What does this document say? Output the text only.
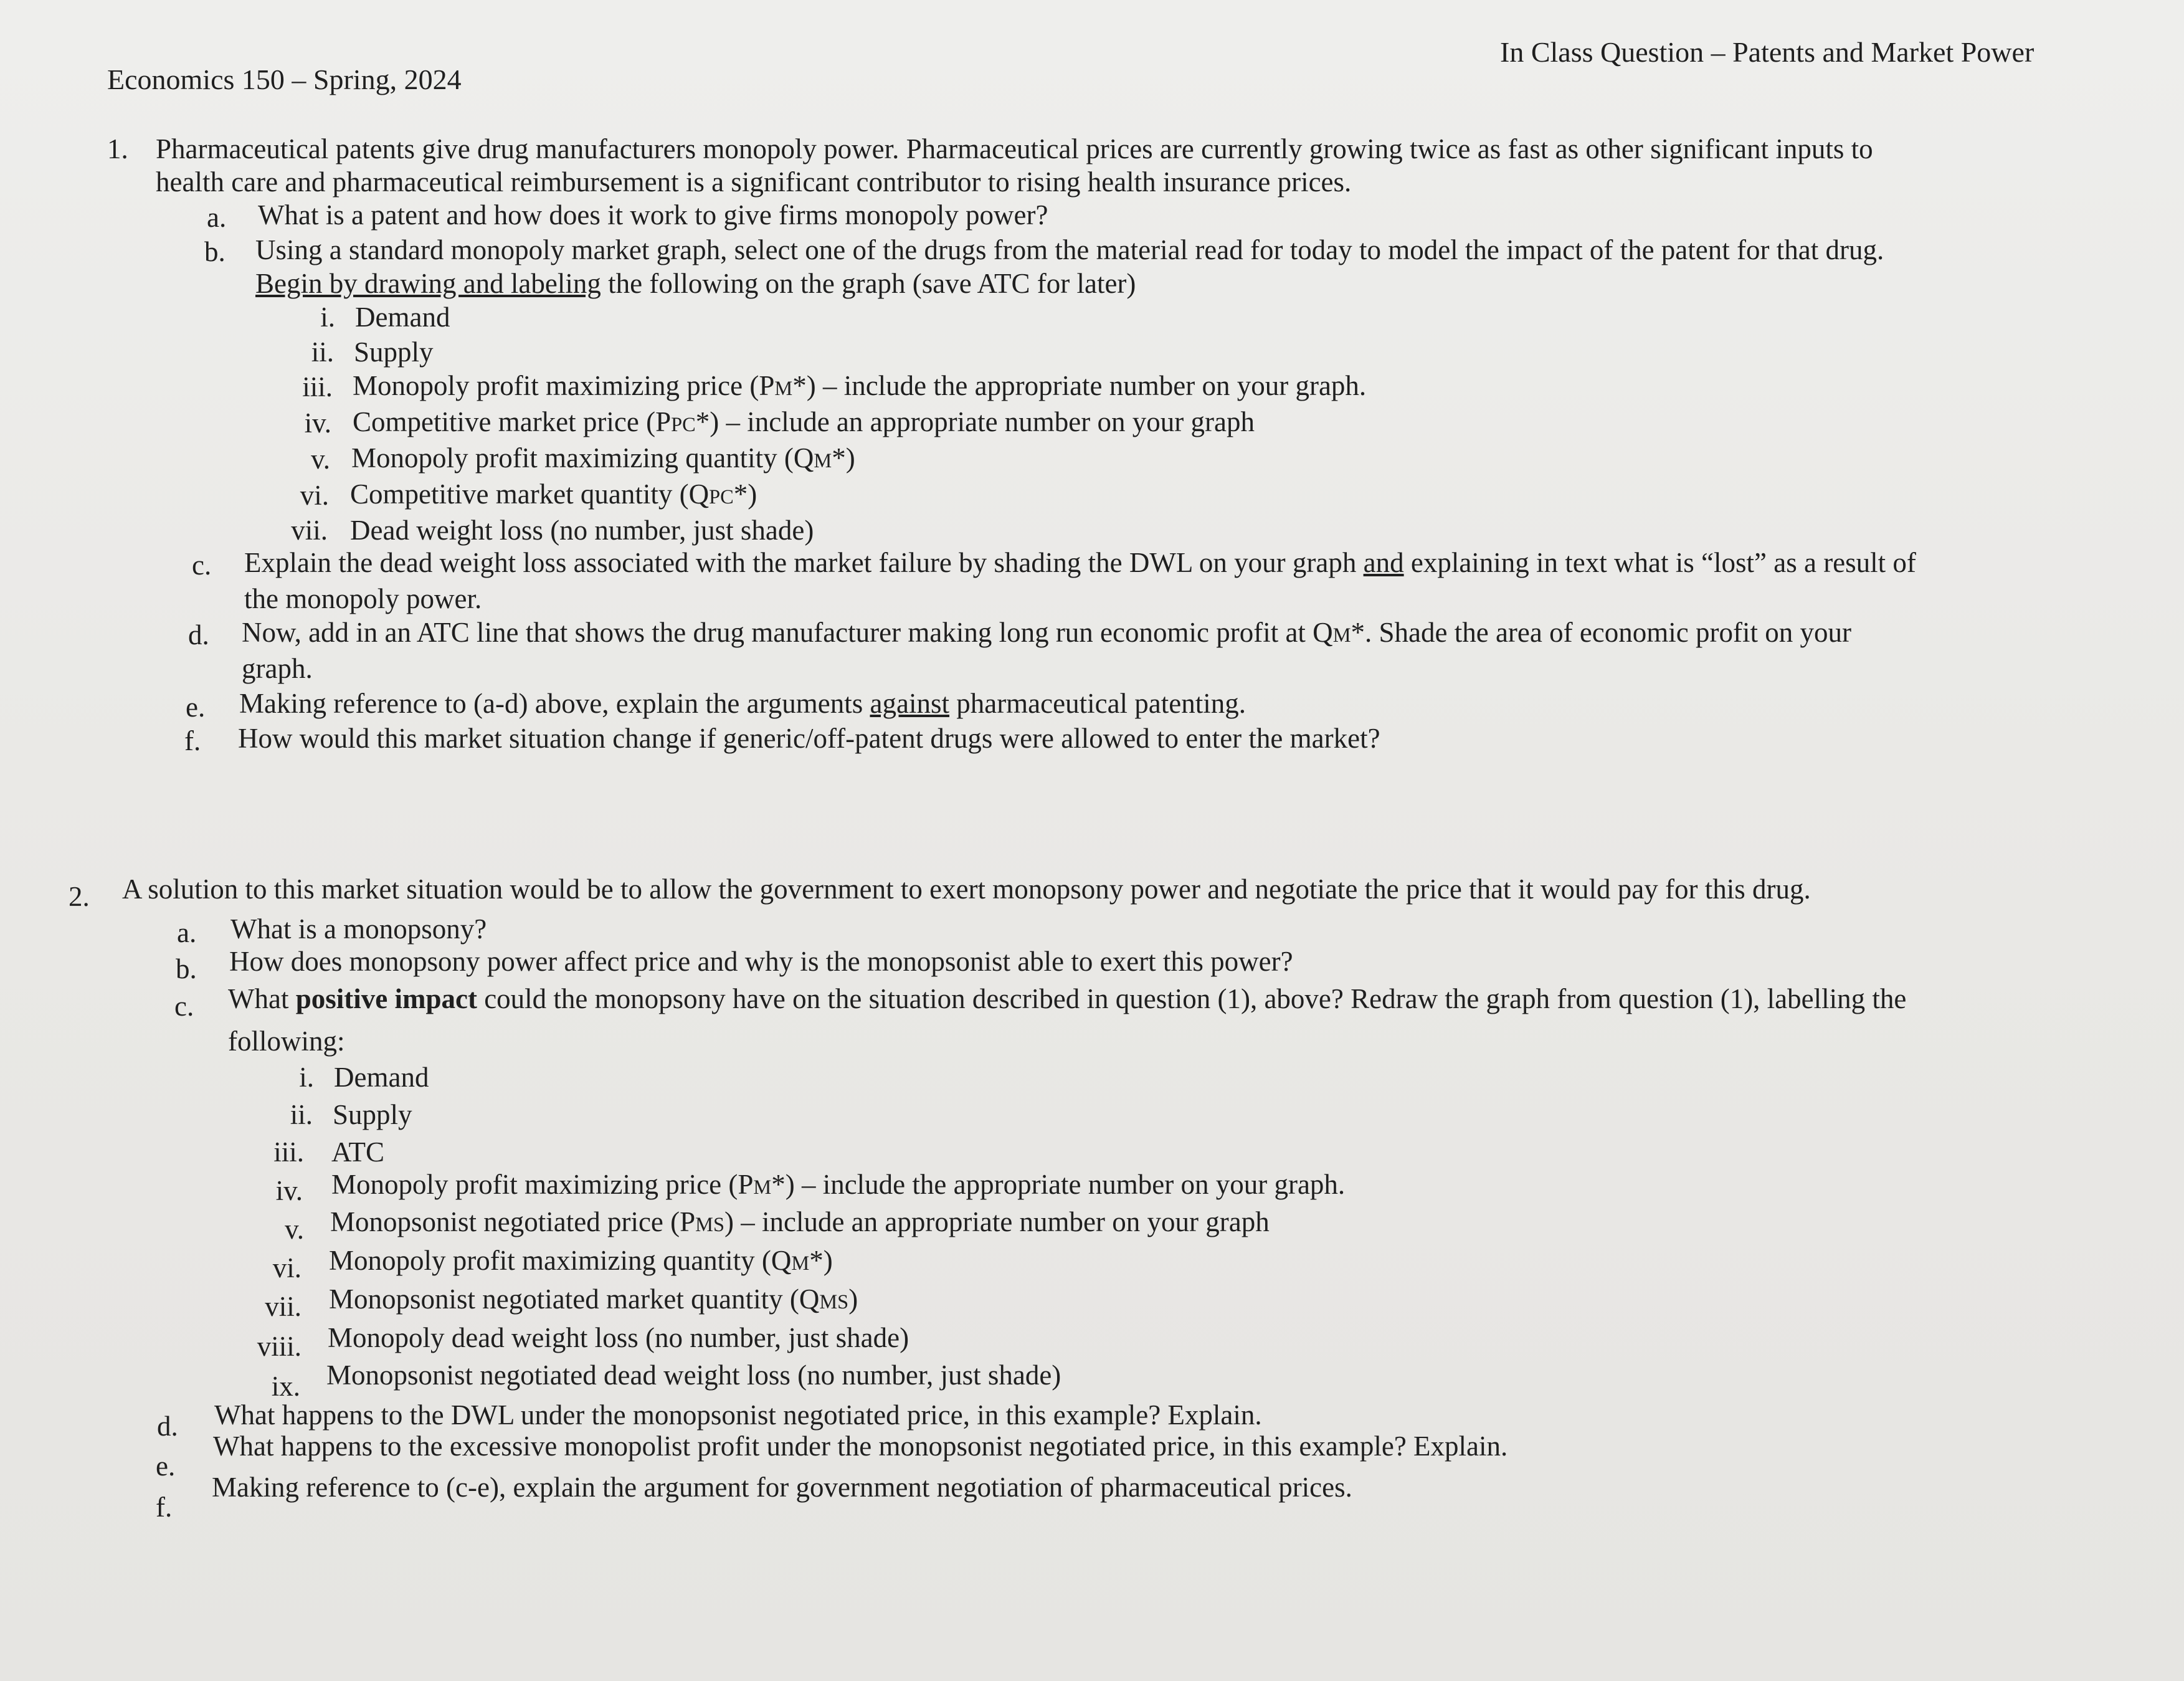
Economics 150 – Spring, 2024
In Class Question – Patents and Market Power
1. Pharmaceutical patents give drug manufacturers monopoly power. Pharmaceutical prices are currently growing twice as fast as other significant inputs to
health care and pharmaceutical reimbursement is a significant contributor to rising health insurance prices.
a. What is a patent and how does it work to give firms monopoly power?
b. Using a standard monopoly market graph, select one of the drugs from the material read for today to model the impact of the patent for that drug.
Begin by drawing and labeling the following on the graph (save ATC for later)
i. Demand
ii. Supply
iii. Monopoly profit maximizing price (PM*) – include the appropriate number on your graph.
iv. Competitive market price (PPC*) – include an appropriate number on your graph
v. Monopoly profit maximizing quantity (QM*)
vi. Competitive market quantity (QPC*)
vii. Dead weight loss (no number, just shade)
c. Explain the dead weight loss associated with the market failure by shading the DWL on your graph and explaining in text what is “lost” as a result of
the monopoly power.
d. Now, add in an ATC line that shows the drug manufacturer making long run economic profit at QM*. Shade the area of economic profit on your
graph.
e. Making reference to (a-d) above, explain the arguments against pharmaceutical patenting.
f. How would this market situation change if generic/off-patent drugs were allowed to enter the market?
2. A solution to this market situation would be to allow the government to exert monopsony power and negotiate the price that it would pay for this drug.
a. What is a monopsony?
b. How does monopsony power affect price and why is the monopsonist able to exert this power?
c. What positive impact could the monopsony have on the situation described in question (1), above? Redraw the graph from question (1), labelling the
following:
i. Demand
ii. Supply
iii. ATC
iv. Monopoly profit maximizing price (PM*) – include the appropriate number on your graph.
v. Monopsonist negotiated price (PMS) – include an appropriate number on your graph
vi. Monopoly profit maximizing quantity (QM*)
vii. Monopsonist negotiated market quantity (QMS)
viii. Monopoly dead weight loss (no number, just shade)
ix. Monopsonist negotiated dead weight loss (no number, just shade)
d. What happens to the DWL under the monopsonist negotiated price, in this example? Explain.
e.
What happens to the excessive monopolist profit under the monopsonist negotiated price, in this example? Explain.
f.
Making reference to (c-e), explain the argument for government negotiation of pharmaceutical prices.
